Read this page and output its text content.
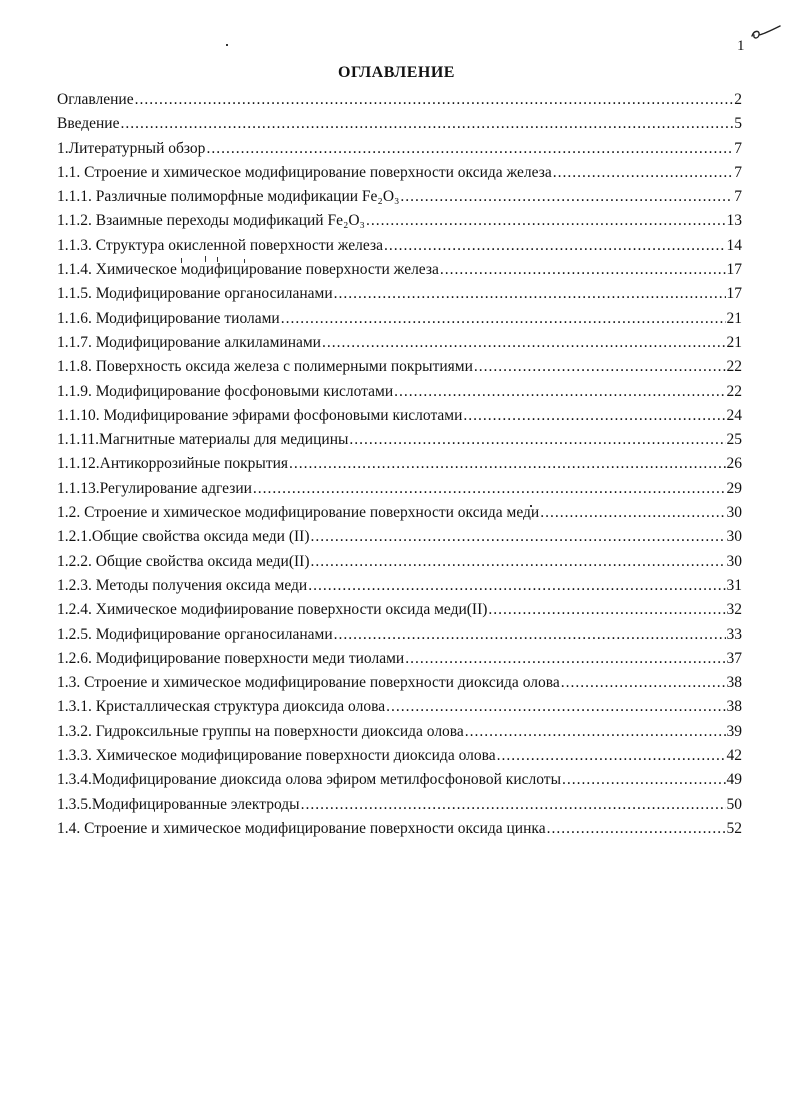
1
ОГЛАВЛЕНИЕ
Оглавление .....	2
Введение .....	5
1.Литературный обзор .....	7
1.1. Строение и химическое модифицирование поверхности оксида железа .....	7
1.1.1. Различные полиморфные модификации Fe₂O₃ .....	7
1.1.2. Взаимные переходы модификаций Fe₂O₃ .....	13
1.1.3. Структура окисленной поверхности железа .....	14
1.1.4. Химическое модифицирование поверхности железа .....	17
1.1.5. Модифицирование органосиланами .....	17
1.1.6. Модифицирование тиолами .....	21
1.1.7. Модифицирование алкиламинами .....	21
1.1.8. Поверхность оксида железа с полимерными покрытиями .....	22
1.1.9. Модифицирование фосфоновыми кислотами .....	22
1.1.10. Модифицирование эфирами фосфоновыми кислотами .....	24
1.1.11.Магнитные материалы для медицины .....	25
1.1.12.Антикоррозийные покрытия .....	26
1.1.13.Регулирование адгезии .....	29
1.2. Строение и химическое модифицирование поверхности оксида меди .....	30
1.2.1.Общие свойства оксида меди (II) .....	30
1.2.2. Общие свойства оксида меди(II) .....	30
1.2.3. Методы получения оксида меди .....	31
1.2.4. Химическое модифиирование поверхности оксида меди(II) .....	32
1.2.5. Модифицирование органосиланами .....	33
1.2.6. Модифицирование поверхности меди тиолами .....	37
1.3. Строение и химическое модифицирование поверхности диоксида олова .....	38
1.3.1. Кристаллическая структура диоксида олова .....	38
1.3.2. Гидроксильные группы на поверхности диоксида олова .....	39
1.3.3. Химическое модифицирование поверхности диоксида олова .....	42
1.3.4.Модифицирование диоксида олова эфиром метилфосфоновой кислоты .....	49
1.3.5.Модифицированные электроды .....	50
1.4. Строение и химическое модифицирование поверхности оксида цинка .....	52
